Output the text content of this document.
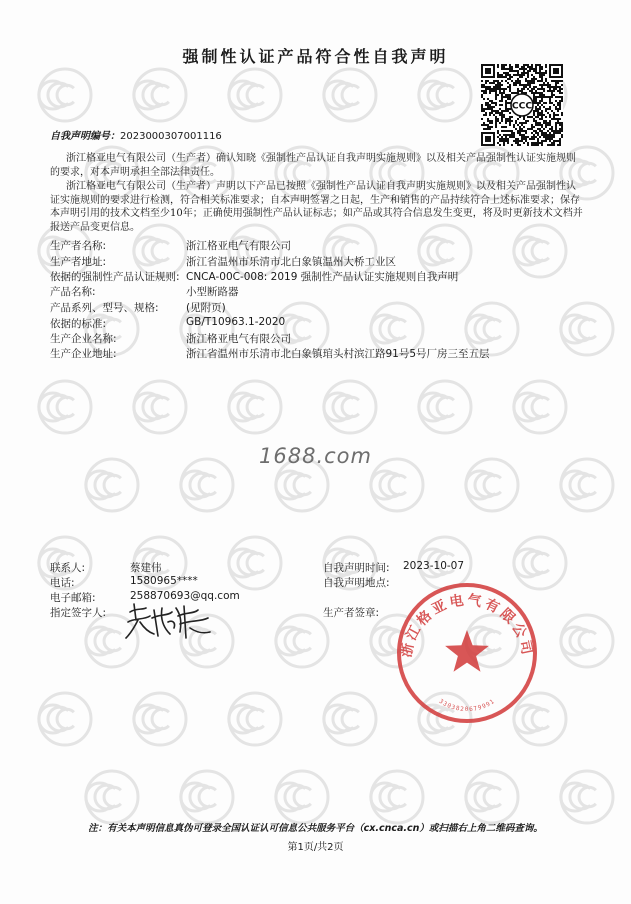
强制性认证产品符合性自我声明
CCC
自我声明编号：2023000307001116
浙江格亚电气有限公司（生产者）确认知晓《强制性产品认证自我声明实施规则》以及相关产品强制性认证实施规则的要求，对本声明承担全部法律责任。
浙江格亚电气有限公司（生产者）声明以下产品已按照《强制性产品认证自我声明实施规则》以及相关产品强制性认证实施规则的要求进行检测，符合相关标准要求；自本声明签署之日起，生产和销售的产品持续符合上述标准要求；保存本声明引用的技术文档至少10年；正确使用强制性产品认证标志；如产品或其符合信息发生变更，将及时更新技术文档并报送产品变更信息。
生产者名称:	浙江格亚电气有限公司
生产者地址:	浙江省温州市乐清市北白象镇温州大桥工业区
依据的强制性产品认证规则: CNCA-00C-008: 2019 强制性产品认证实施规则自我声明
产品名称:	小型断路器
产品系列、型号、规格:	(见附页)
依据的标准:	GB/T10963.1-2020
生产企业名称:	浙江格亚电气有限公司
生产企业地址:	浙江省温州市乐清市北白象镇琯头村滨江路91号5号厂房三至五层
1688.com
联系人:	蔡建伟
电话:	1580965****
电子邮箱:	258870693@qq.com
指定签字人:
自我声明时间: 2023-10-07
自我声明地点:
生产者签章:
浙江格亚电气有限公司
3303820679991
注：有关本声明信息真伪可登录全国认证认可信息公共服务平台（cx.cnca.cn）或扫描右上角二维码查询。
第1页/共2页
